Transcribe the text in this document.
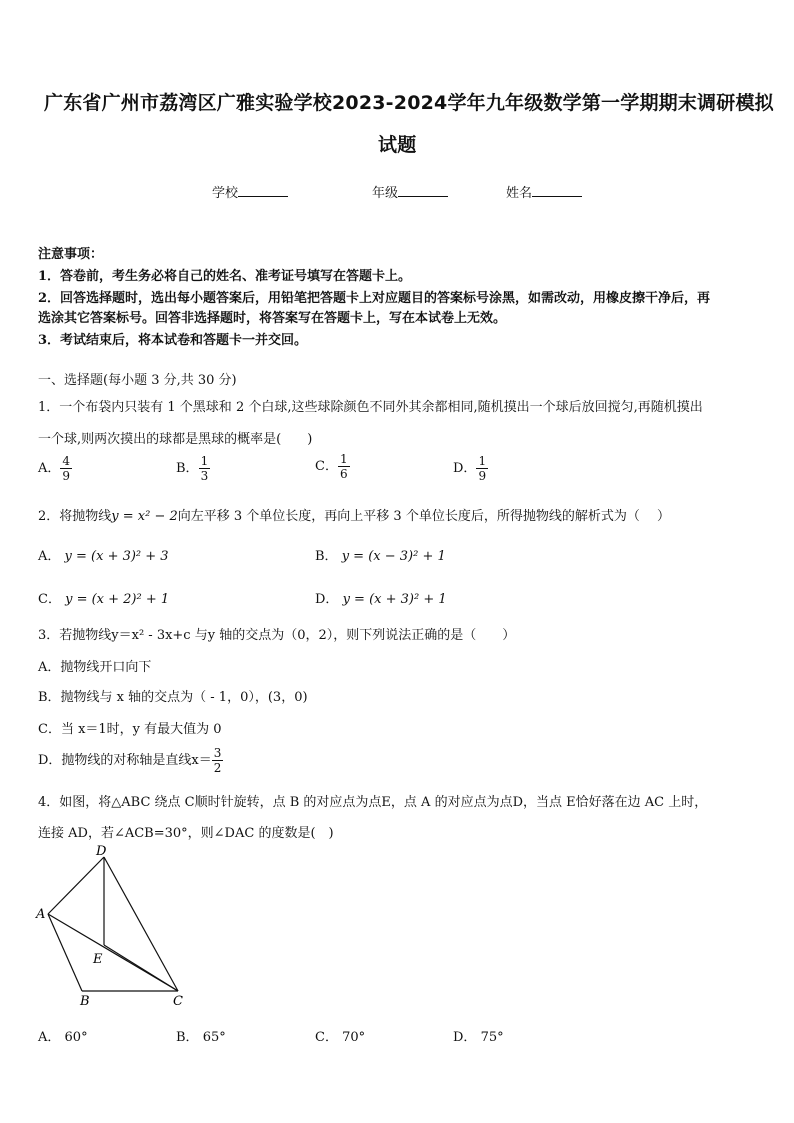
广东省广州市荔湾区广雅实验学校2023-2024学年九年级数学第一学期期末调研模拟
试题
学校	年级	姓名
注意事项：
1．答卷前，考生务必将自己的姓名、准考证号填写在答题卡上。
2．回答选择题时，选出每小题答案后，用铅笔把答题卡上对应题目的答案标号涂黑，如需改动，用橡皮擦干净后，再
选涂其它答案标号。回答非选择题时，将答案写在答题卡上，写在本试卷上无效。
3．考试结束后，将本试卷和答题卡一并交回。
一、选择题(每小题 3 分,共 30 分)
1．一个布袋内只装有 1 个黑球和 2 个白球,这些球除颜色不同外其余都相同,随机摸出一个球后放回搅匀,再随机摸出
一个球,则两次摸出的球都是黑球的概率是(　　)
A． $\frac{4}{9}$	B． $\frac{1}{3}$	C． $\frac{1}{6}$	D． $\frac{1}{9}$
2．将抛物线y = x² − 2向左平移 3 个单位长度，再向上平移 3 个单位长度后，所得抛物线的解析式为（　 ）
A． y = (x + 3)² + 3	B． y = (x − 3)² + 1
C． y = (x + 2)² + 1	D． y = (x + 3)² + 1
3．若抛物线y＝x² - 3x+c 与y 轴的交点为（0，2），则下列说法正确的是（　　）
A．抛物线开口向下
B．抛物线与 x 轴的交点为（ - 1，0），(3，0)
C．当 x＝1时，y 有最大值为 0
D．抛物线的对称轴是直线$x= \frac{3}{2}$
4．如图，将△ABC 绕点 C顺时针旋转，点 B 的对应点为点E，点 A 的对应点为点D，当点 E恰好落在边 AC 上时，
连接 AD，若∠ACB=30°，则∠DAC 的度数是(　)
D
A
E
B	C
A． 60°	B． 65°	C． 70°	D． 75°
